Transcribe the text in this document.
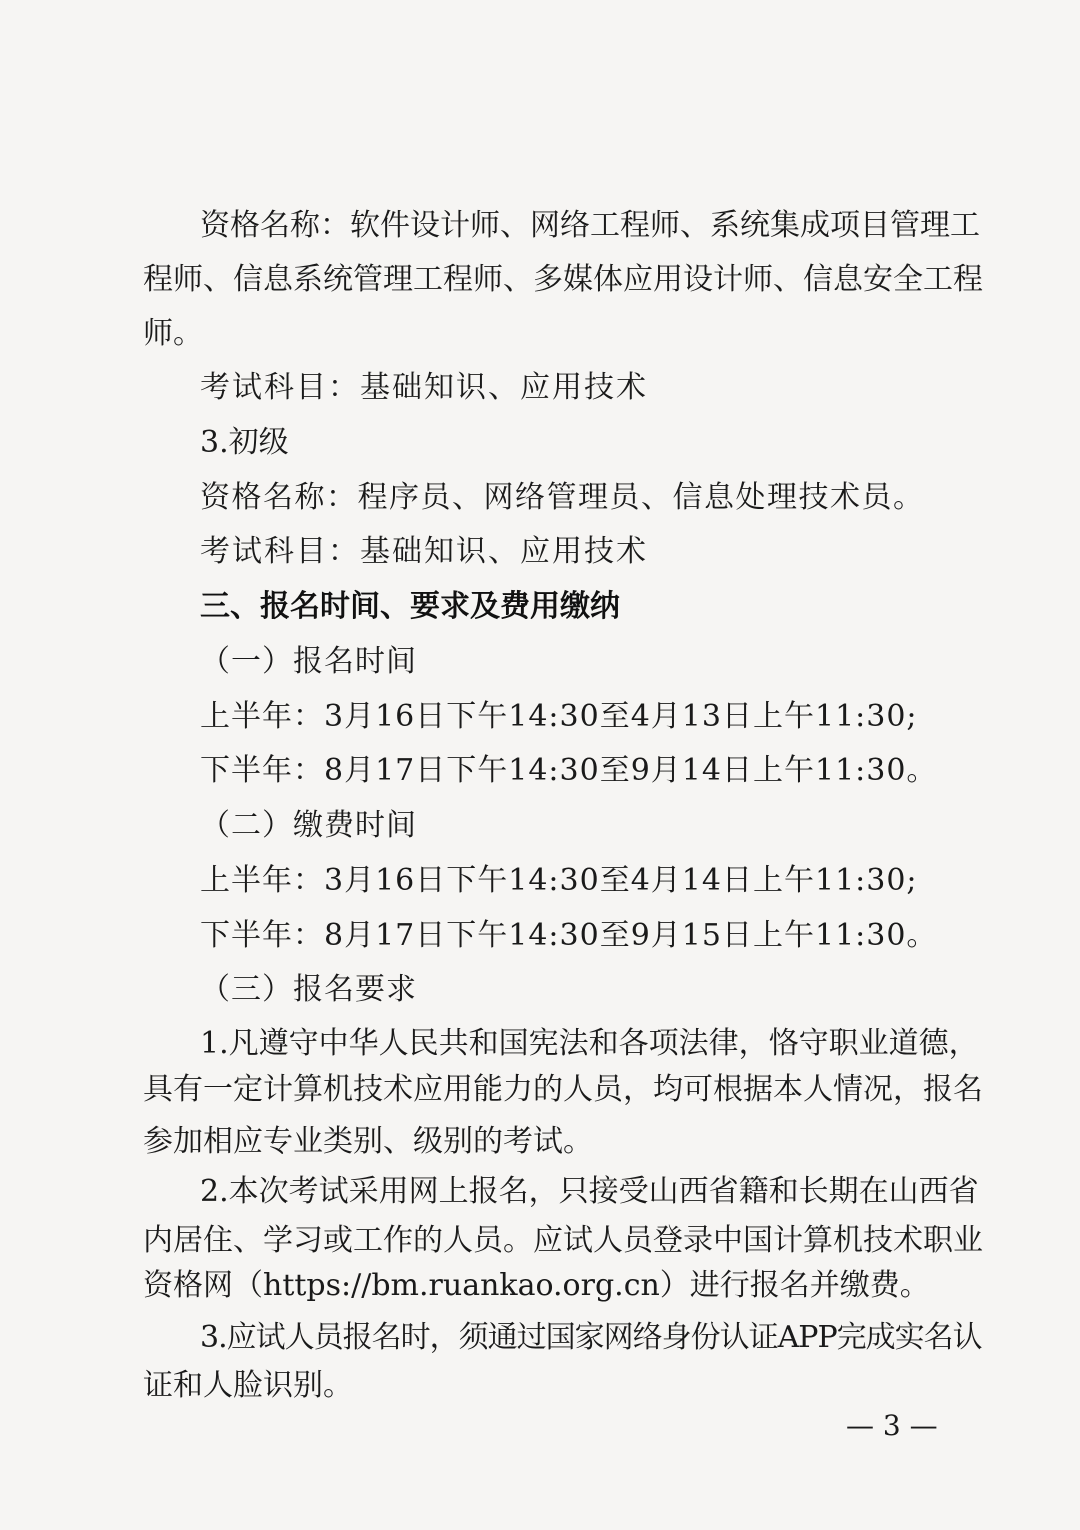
资格名称：软件设计师、网络工程师、系统集成项目管理工
程师、信息系统管理工程师、多媒体应用设计师、信息安全工程
师。
考试科目：基础知识、应用技术
3.初级
资格名称：程序员、网络管理员、信息处理技术员。
考试科目：基础知识、应用技术
三、报名时间、要求及费用缴纳
（一）报名时间
上半年：3月16日下午14:30至4月13日上午11:30;
下半年：8月17日下午14:30至9月14日上午11:30。
（二）缴费时间
上半年：3月16日下午14:30至4月14日上午11:30;
下半年：8月17日下午14:30至9月15日上午11:30。
（三）报名要求
1.凡遵守中华人民共和国宪法和各项法律，恪守职业道德，
具有一定计算机技术应用能力的人员，均可根据本人情况，报名
参加相应专业类别、级别的考试。
2.本次考试采用网上报名，只接受山西省籍和长期在山西省
内居住、学习或工作的人员。应试人员登录中国计算机技术职业
资格网（https://bm.ruankao.org.cn）进行报名并缴费。
3.应试人员报名时，须通过国家网络身份认证APP完成实名认
证和人脸识别。
— 3 —
